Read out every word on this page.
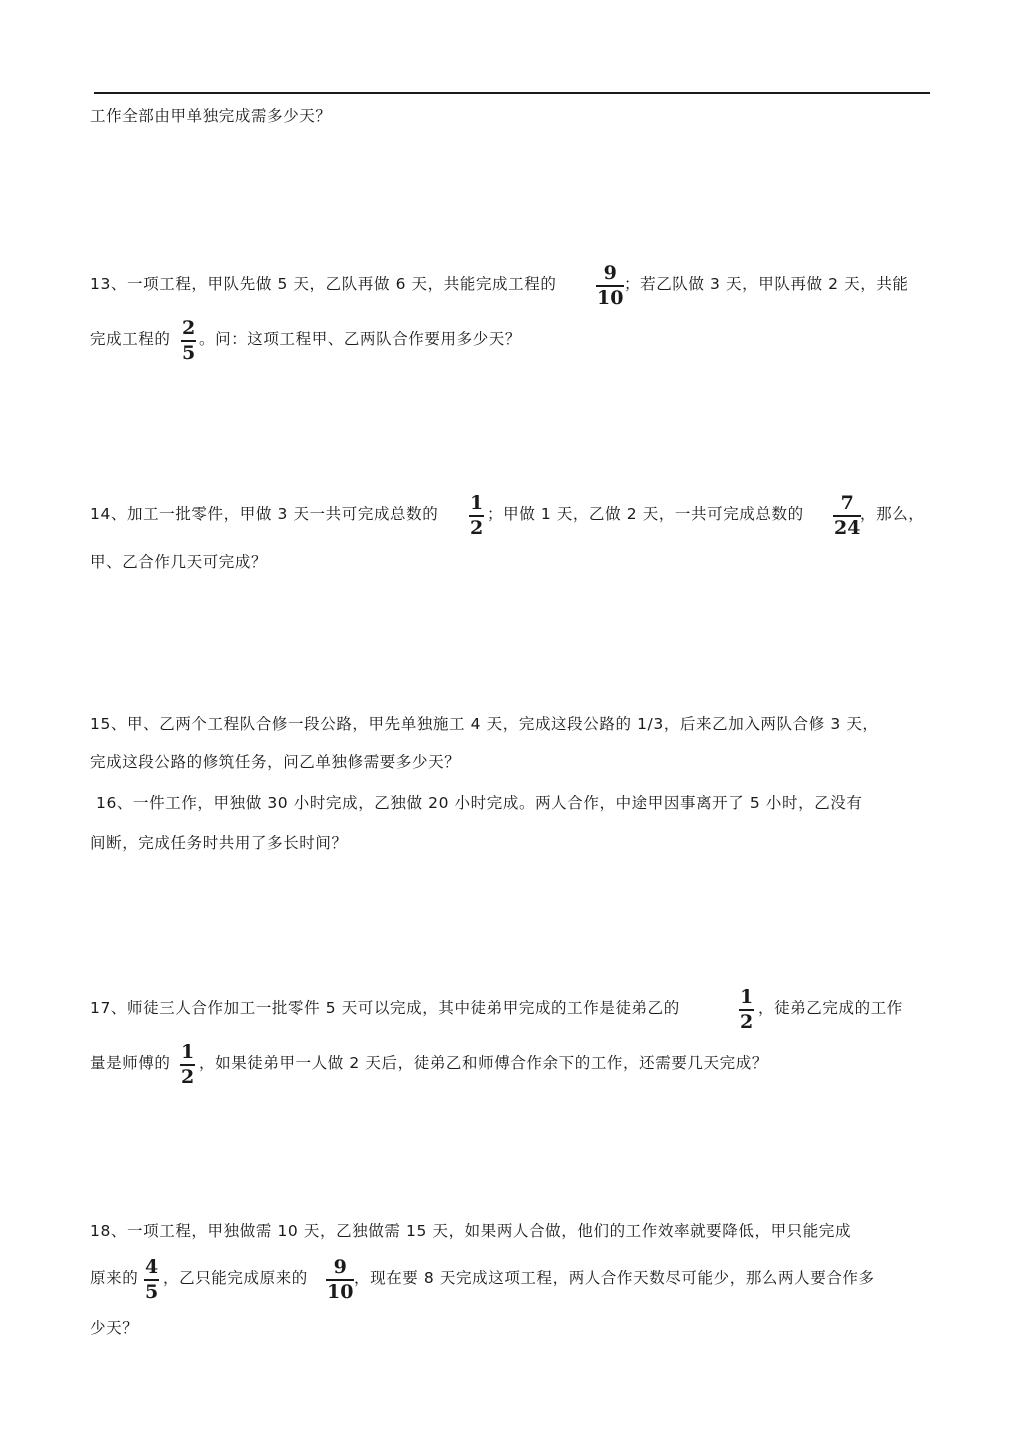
工作全部由甲单独完成需多少天？
13、一项工程，甲队先做 5 天，乙队再做 6 天，共能完成工程的 9
10
；若乙队做 3 天，甲队再做 2 天，共能
完成工程的 2
5
。问：这项工程甲、乙两队合作要用多少天？
14、加工一批零件，甲做 3 天一共可完成总数的 1
2
；甲做 1 天，乙做 2 天，一共可完成总数的 7
24
，那么，
甲、乙合作几天可完成？
15、甲、乙两个工程队合修一段公路，甲先单独施工 4 天，完成这段公路的 1/3，后来乙加入两队合修 3 天，
完成这段公路的修筑任务，问乙单独修需要多少天？
16、一件工作，甲独做 30 小时完成，乙独做 20 小时完成。两人合作，中途甲因事离开了 5 小时，乙没有
间断，完成任务时共用了多长时间？
17、师徒三人合作加工一批零件 5 天可以完成，其中徒弟甲完成的工作是徒弟乙的	1
2
，徒弟乙完成的工作
量是师傅的 1
2
，如果徒弟甲一人做 2 天后，徒弟乙和师傅合作余下的工作，还需要几天完成？
18、一项工程，甲独做需 10 天，乙独做需 15 天，如果两人合做，他们的工作效率就要降低，甲只能完成
原来的 4
5
，乙只能完成原来的 9
10
，现在要 8 天完成这项工程，两人合作天数尽可能少，那么两人要合作多
少天？
